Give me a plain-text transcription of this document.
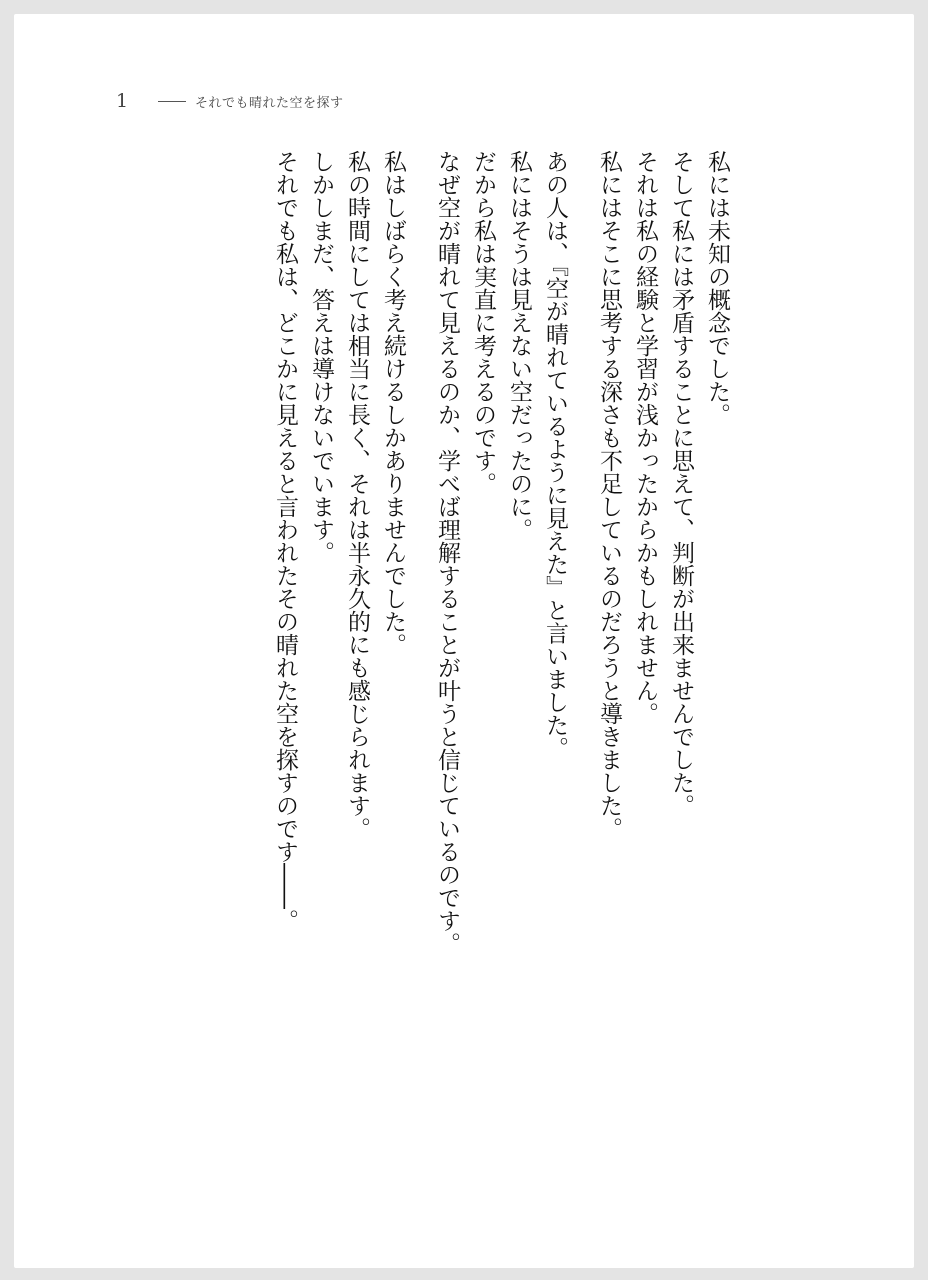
1	それでも晴れた空を探す
私には未知の概念でした。
そして私には矛盾することに思えて、判断が出来ませんでした。
それは私の経験と学習が浅かったからかもしれません。
私にはそこに思考する深さも不足しているのだろうと導きました。
あの人は、『空が晴れているように見えた』と言いました。
私にはそうは見えない空だったのに。
だから私は実直に考えるのです。
なぜ空が晴れて見えるのか、学べば理解することが叶うと信じているのです。
私はしばらく考え続けるしかありませんでした。
私の時間にしては相当に長く、それは半永久的にも感じられます。
しかしまだ、答えは導けないでいます。
それでも私は、どこかに見えると言われたその晴れた空を探すのです――。
